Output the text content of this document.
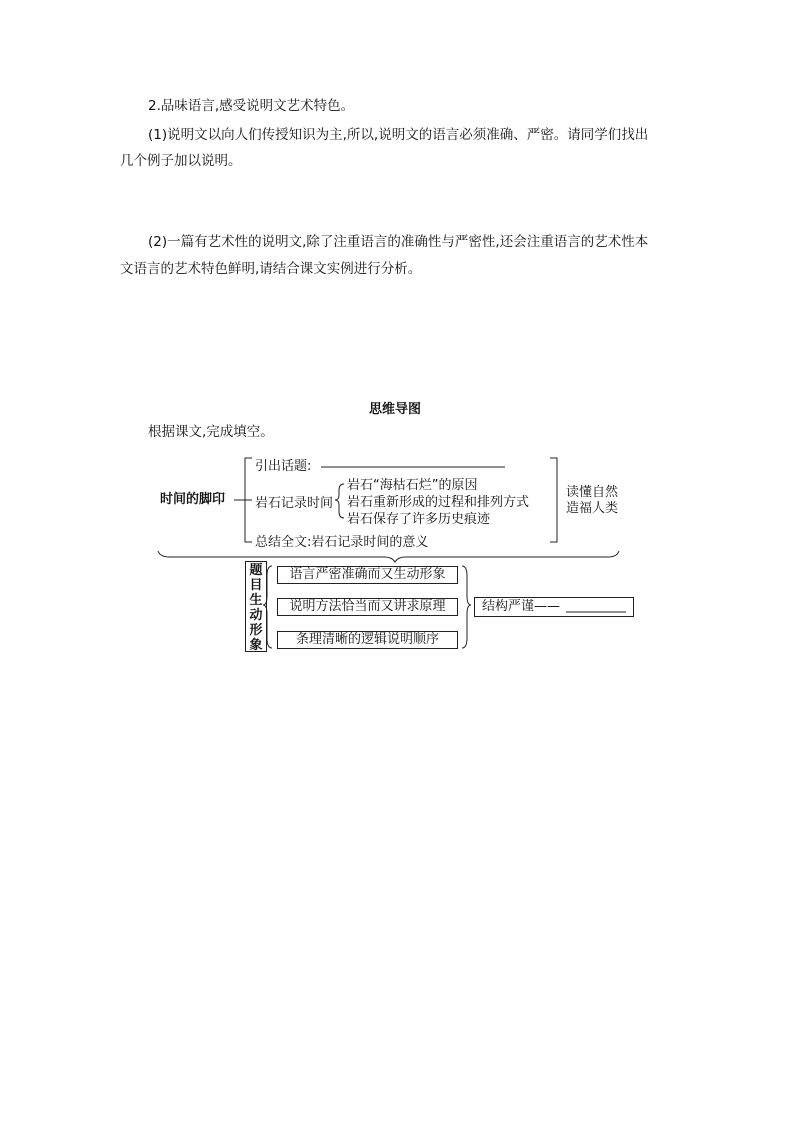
2.品味语言,感受说明文艺术特色。
(1)说明文以向人们传授知识为主,所以,说明文的语言必须准确、严密。请同学们找出
几个例子加以说明。
(2)一篇有艺术性的说明文,除了注重语言的准确性与严密性,还会注重语言的艺术性本
文语言的艺术特色鲜明,请结合课文实例进行分析。
思维导图
根据课文,完成填空。
时间的脚印
引出话题:
岩石记录时间
岩石“海枯石烂”的原因
岩石重新形成的过程和排列方式
岩石保存了许多历史痕迹
总结全文:岩石记录时间的意义
读懂自然
造福人类
题目生动形象
语言严密准确而又生动形象
说明方法恰当而又讲求原理
条理清晰的逻辑说明顺序
结构严谨——
